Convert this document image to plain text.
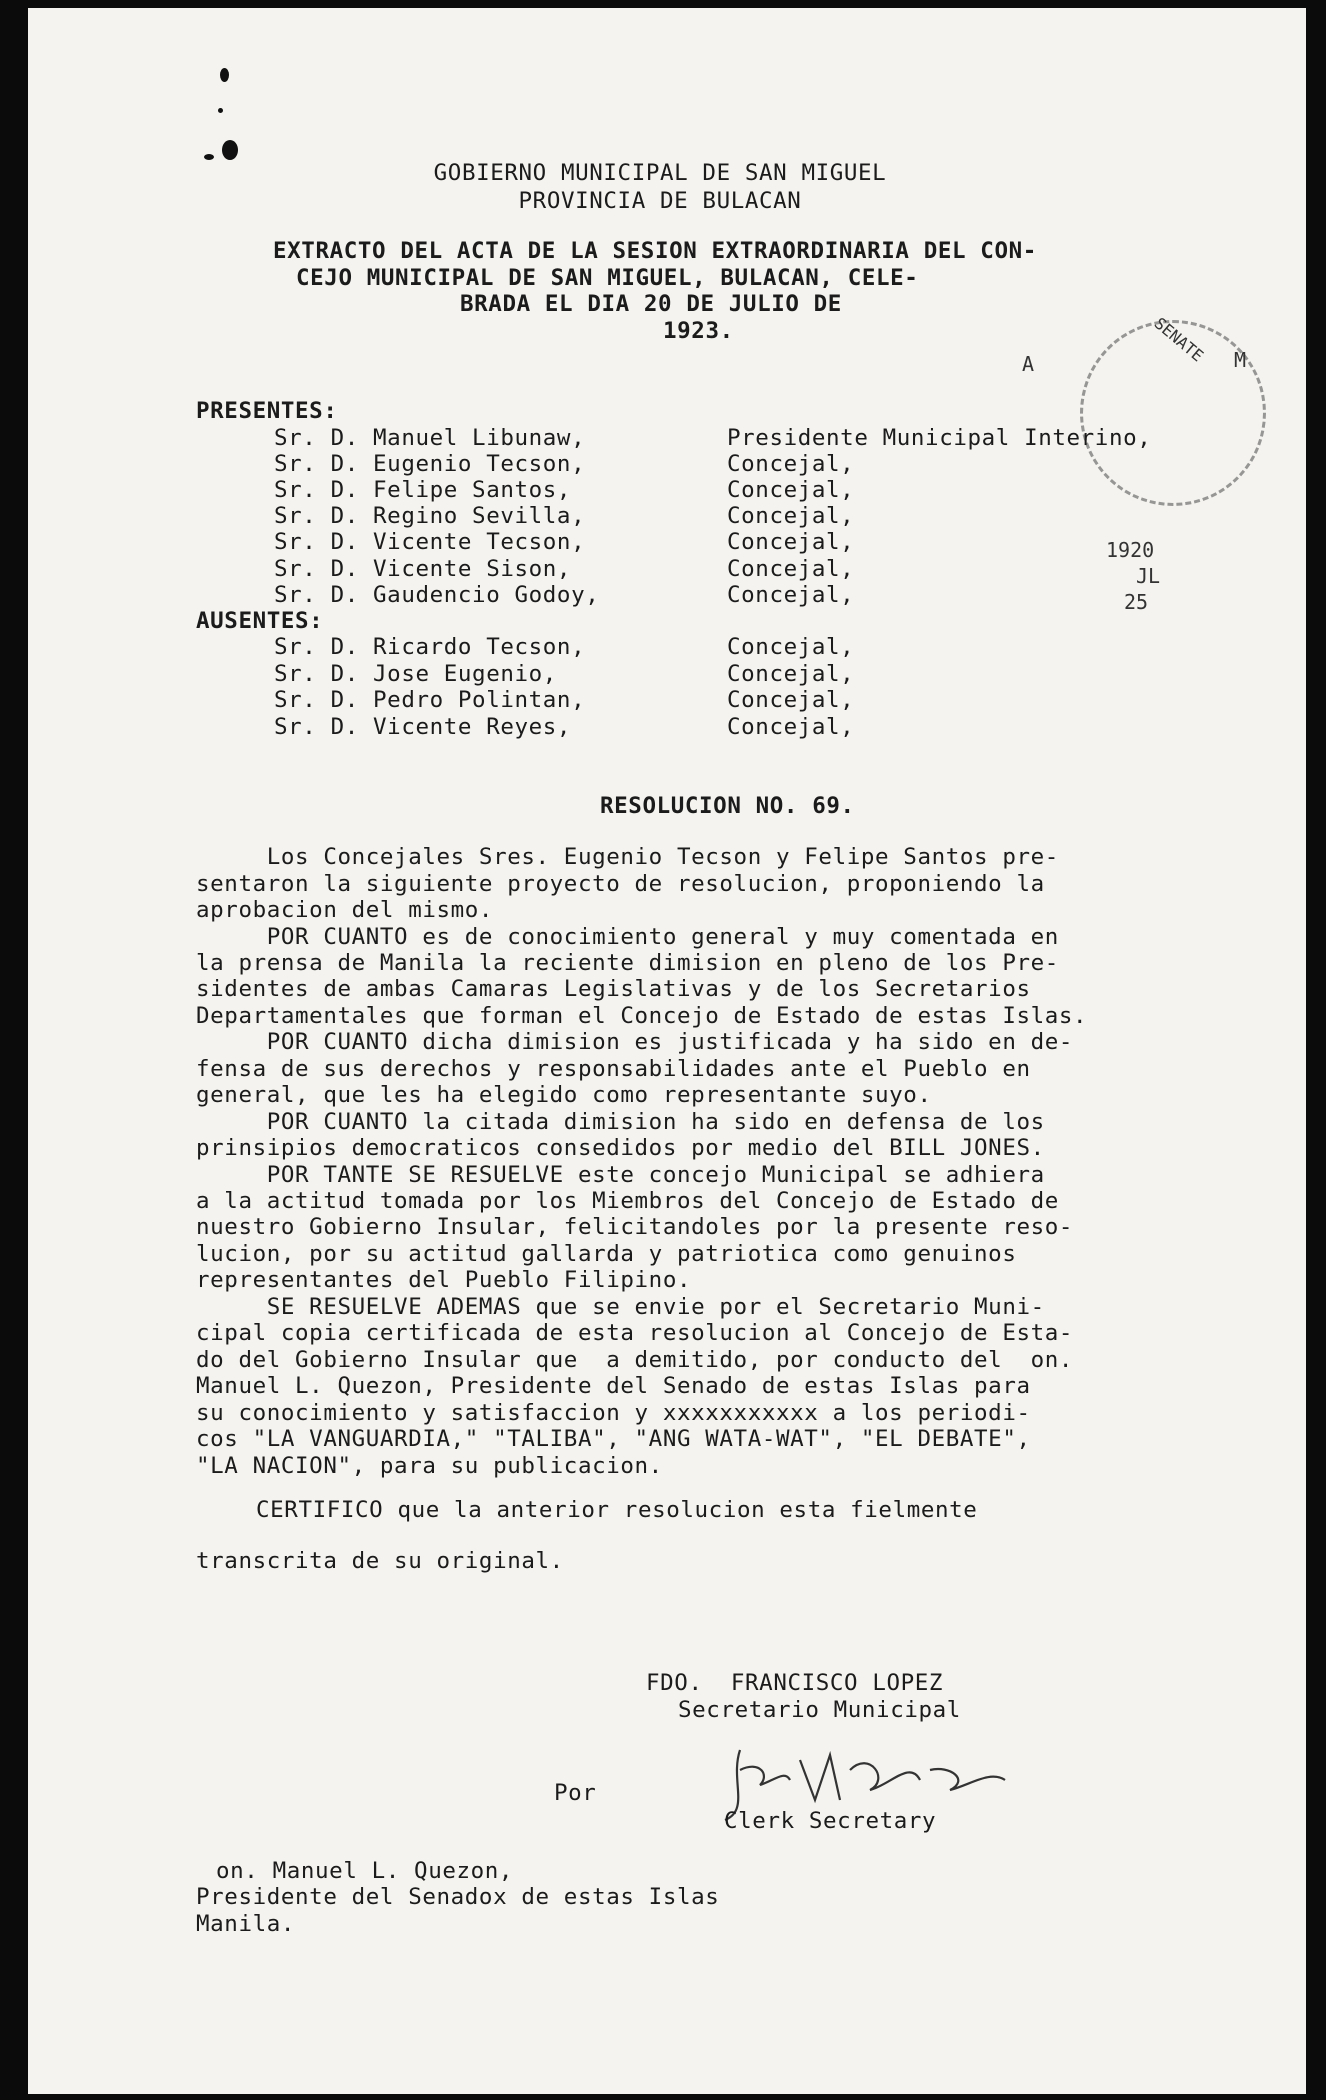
GOBIERNO MUNICIPAL DE SAN MIGUEL
PROVINCIA DE BULACAN
EXTRACTO DEL ACTA DE LA SESION EXTRAORDINARIA DEL CON-
CEJO MUNICIPAL DE SAN MIGUEL, BULACAN, CELE-
BRADA EL DIA 20 DE JULIO DE
1923.
A	M
SENATE
1920
JL
25
PRESENTES:
Sr. D. Manuel Libunaw,	Presidente Municipal Interino,
Sr. D. Eugenio Tecson,	Concejal,
Sr. D. Felipe Santos,	Concejal,
Sr. D. Regino Sevilla,	Concejal,
Sr. D. Vicente Tecson,	Concejal,
Sr. D. Vicente Sison,	Concejal,
Sr. D. Gaudencio Godoy,	Concejal,
AUSENTES:
Sr. D. Ricardo Tecson,	Concejal,
Sr. D. Jose Eugenio,	Concejal,
Sr. D. Pedro Polintan,	Concejal,
Sr. D. Vicente Reyes,	Concejal,
RESOLUCION NO. 69.
Los Concejales Sres. Eugenio Tecson y Felipe Santos pre-
sentaron la siguiente proyecto de resolucion, proponiendo la
aprobacion del mismo.
POR CUANTO es de conocimiento general y muy comentada en
la prensa de Manila la reciente dimision en pleno de los Pre-
sidentes de ambas Camaras Legislativas y de los Secretarios
Departamentales que forman el Concejo de Estado de estas Islas.
POR CUANTO dicha dimision es justificada y ha sido en de-
fensa de sus derechos y responsabilidades ante el Pueblo en
general, que les ha elegido como representante suyo.
POR CUANTO la citada dimision ha sido en defensa de los
prinsipios democraticos consedidos por medio del BILL JONES.
POR TANTE SE RESUELVE este concejo Municipal se adhiera
a la actitud tomada por los Miembros del Concejo de Estado de
nuestro Gobierno Insular, felicitandoles por la presente reso-
lucion, por su actitud gallarda y patriotica como genuinos
representantes del Pueblo Filipino.
SE RESUELVE ADEMAS que se envie por el Secretario Muni-
cipal copia certificada de esta resolucion al Concejo de Esta-
do del Gobierno Insular que  a demitido, por conducto del  on.
Manuel L. Quezon, Presidente del Senado de estas Islas para
su conocimiento y satisfaccion y xxxxxxxxxxx a los periodi-
cos "LA VANGUARDIA," "TALIBA", "ANG WATA-WAT", "EL DEBATE",
"LA NACION", para su publicacion.
CERTIFICO que la anterior resolucion esta fielmente
transcrita de su original.
FDO.  FRANCISCO LOPEZ
Secretario Municipal
Por
Clerk Secretary
on. Manuel L. Quezon,
Presidente del Senadox de estas Islas
Manila.
